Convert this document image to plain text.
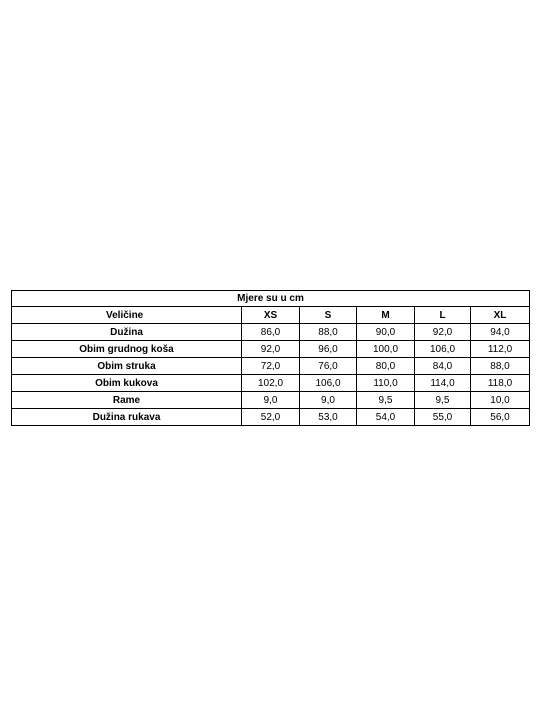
Mjere su u cm					
Veličine	XS	S	M	L	XL
Dužina	86,0	88,0	90,0	92,0	94,0
Obim grudnog koša	92,0	96,0	100,0	106,0	112,0
Obim struka	72,0	76,0	80,0	84,0	88,0
Obim kukova	102,0	106,0	110,0	114,0	118,0
Rame	9,0	9,0	9,5	9,5	10,0
Dužina rukava	52,0	53,0	54,0	55,0	56,0
